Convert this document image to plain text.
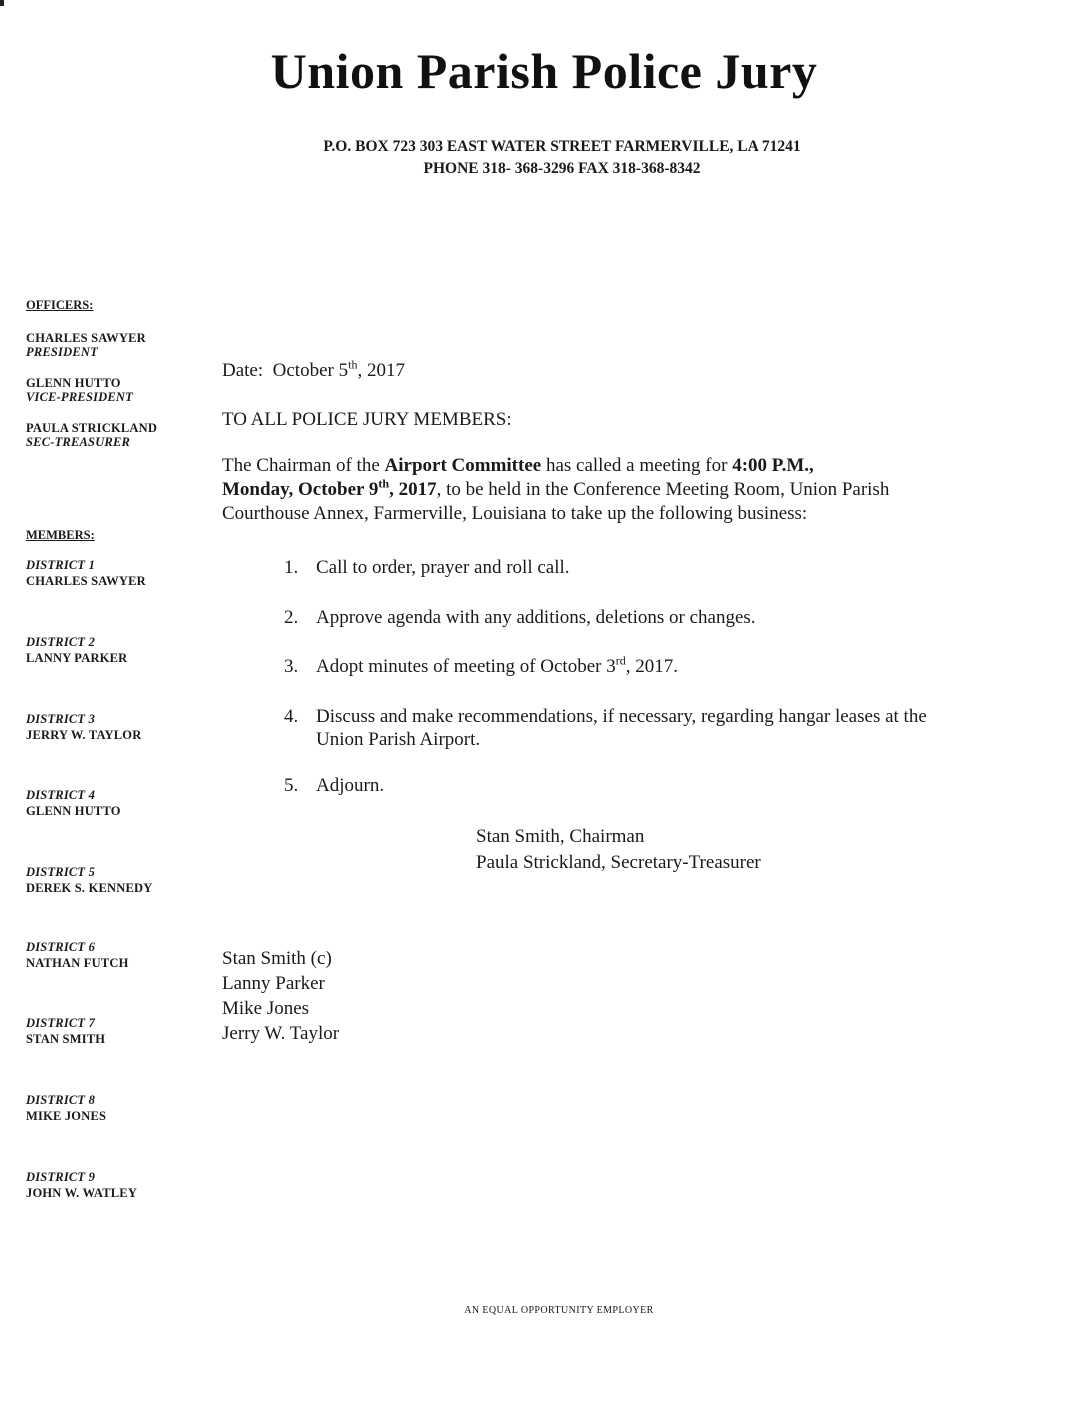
Union Parish Police Jury
P.O. BOX 723 303 EAST WATER STREET FARMERVILLE, LA 71241
PHONE 318- 368-3296 FAX 318-368-8342
OFFICERS:
CHARLES SAWYER
PRESIDENT
GLENN HUTTO
VICE-PRESIDENT
PAULA STRICKLAND
SEC-TREASURER
MEMBERS:
DISTRICT 1
CHARLES SAWYER
DISTRICT 2
LANNY PARKER
DISTRICT 3
JERRY W. TAYLOR
DISTRICT 4
GLENN HUTTO
DISTRICT 5
DEREK S. KENNEDY
DISTRICT 6
NATHAN FUTCH
DISTRICT 7
STAN SMITH
DISTRICT 8
MIKE JONES
DISTRICT 9
JOHN W. WATLEY
Date: October 5th, 2017
TO ALL POLICE JURY MEMBERS:
The Chairman of the Airport Committee has called a meeting for 4:00 P.M.,
Monday, October 9th, 2017, to be held in the Conference Meeting Room, Union Parish Courthouse Annex, Farmerville, Louisiana to take up the following business:
1. Call to order, prayer and roll call.
2. Approve agenda with any additions, deletions or changes.
3. Adopt minutes of meeting of October 3rd, 2017.
4. Discuss and make recommendations, if necessary, regarding hangar leases at the Union Parish Airport.
5. Adjourn.
Stan Smith, Chairman
Paula Strickland, Secretary-Treasurer
Stan Smith (c)
Lanny Parker
Mike Jones
Jerry W. Taylor
AN EQUAL OPPORTUNITY EMPLOYER
